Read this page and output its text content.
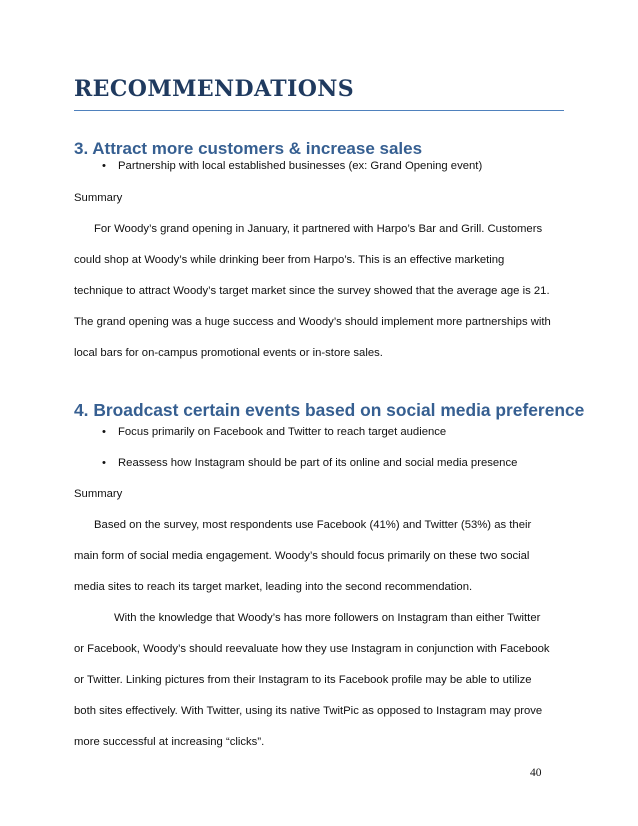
RECOMMENDATIONS
3. Attract more customers & increase sales
• Partnership with local established businesses (ex: Grand Opening event)
Summary
For Woody’s grand opening in January, it partnered with Harpo’s Bar and Grill. Customers
could shop at Woody’s while drinking beer from Harpo’s. This is an effective marketing
technique to attract Woody’s target market since the survey showed that the average age is 21.
The grand opening was a huge success and Woody’s should implement more partnerships with
local bars for on-campus promotional events or in-store sales.
4. Broadcast certain events based on social media preference
• Focus primarily on Facebook and Twitter to reach target audience
• Reassess how Instagram should be part of its online and social media presence
Summary
Based on the survey, most respondents use Facebook (41%) and Twitter (53%) as their
main form of social media engagement. Woody’s should focus primarily on these two social
media sites to reach its target market, leading into the second recommendation.
With the knowledge that Woody’s has more followers on Instagram than either Twitter
or Facebook, Woody’s should reevaluate how they use Instagram in conjunction with Facebook
or Twitter. Linking pictures from their Instagram to its Facebook profile may be able to utilize
both sites effectively. With Twitter, using its native TwitPic as opposed to Instagram may prove
more successful at increasing “clicks”.
40
